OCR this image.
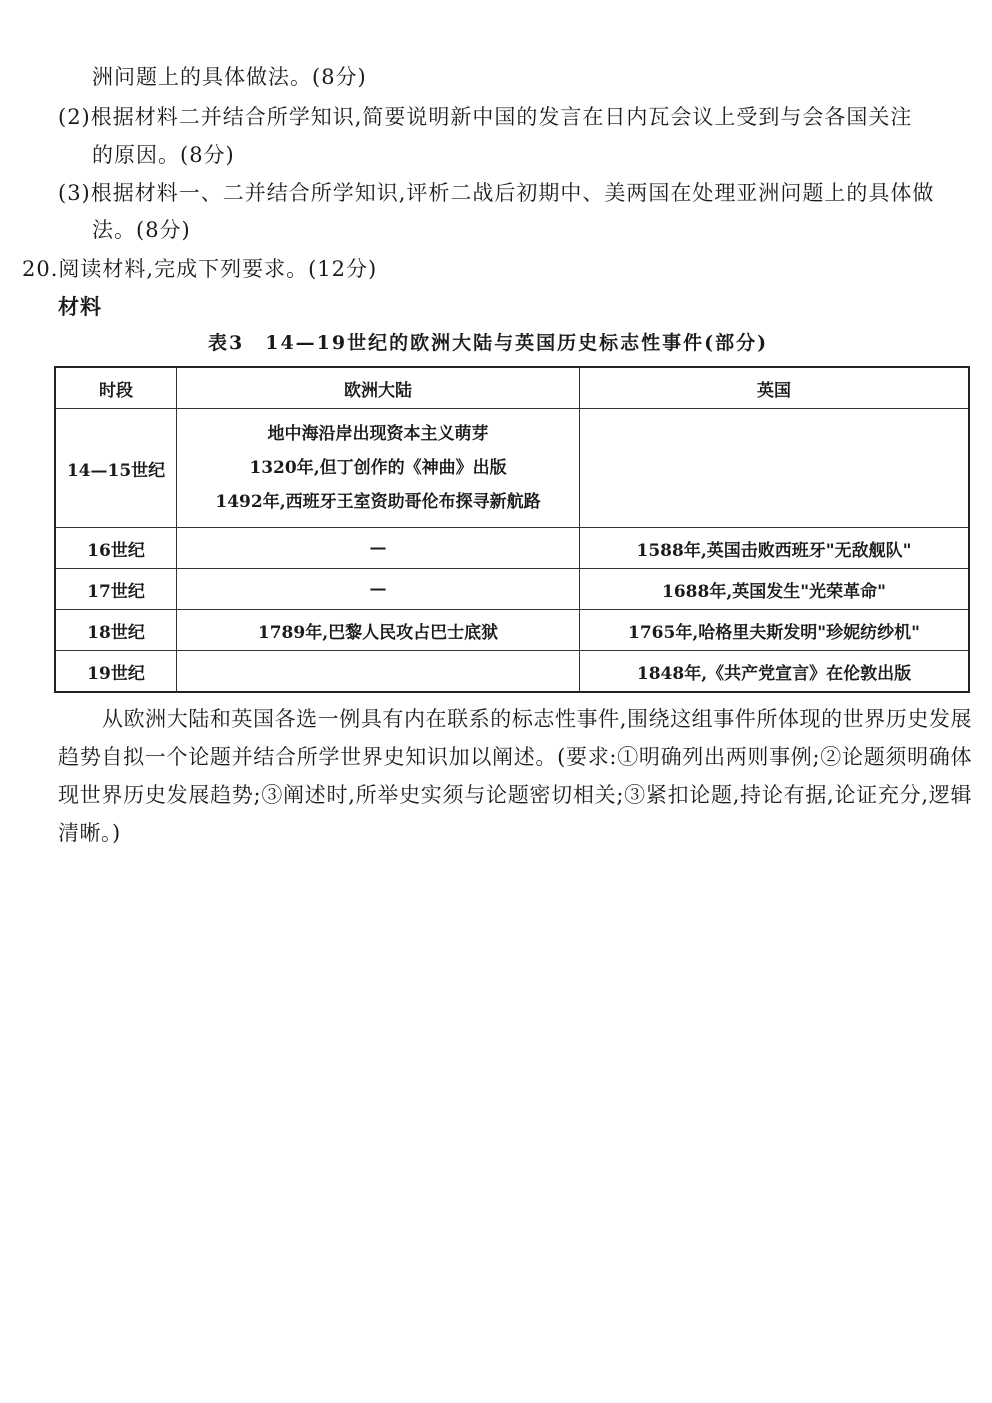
洲问题上的具体做法。(8分)
(2)根据材料二并结合所学知识,简要说明新中国的发言在日内瓦会议上受到与会各国关注
的原因。(8分)
(3)根据材料一、二并结合所学知识,评析二战后初期中、美两国在处理亚洲问题上的具体做
法。(8分)
20.阅读材料,完成下列要求。(12分)
材料
表3　14—19世纪的欧洲大陆与英国历史标志性事件(部分)
时段	欧洲大陆	英国
14—15世纪	地中海沿岸出现资本主义萌芽
1320年,但丁创作的《神曲》出版
1492年,西班牙王室资助哥伦布探寻新航路	

16世纪	—	1588年,英国击败西班牙"无敌舰队"
17世纪	—	1688年,英国发生"光荣革命"
18世纪	1789年,巴黎人民攻占巴士底狱	1765年,哈格里夫斯发明"珍妮纺纱机"
19世纪		1848年,《共产党宣言》在伦敦出版
从欧洲大陆和英国各选一例具有内在联系的标志性事件,围绕这组事件所体现的世界历史发展趋势自拟一个论题并结合所学世界史知识加以阐述。(要求:①明确列出两则事例;②论题须明确体现世界历史发展趋势;③阐述时,所举史实须与论题密切相关;③紧扣论题,持论有据,论证充分,逻辑清晰。)
